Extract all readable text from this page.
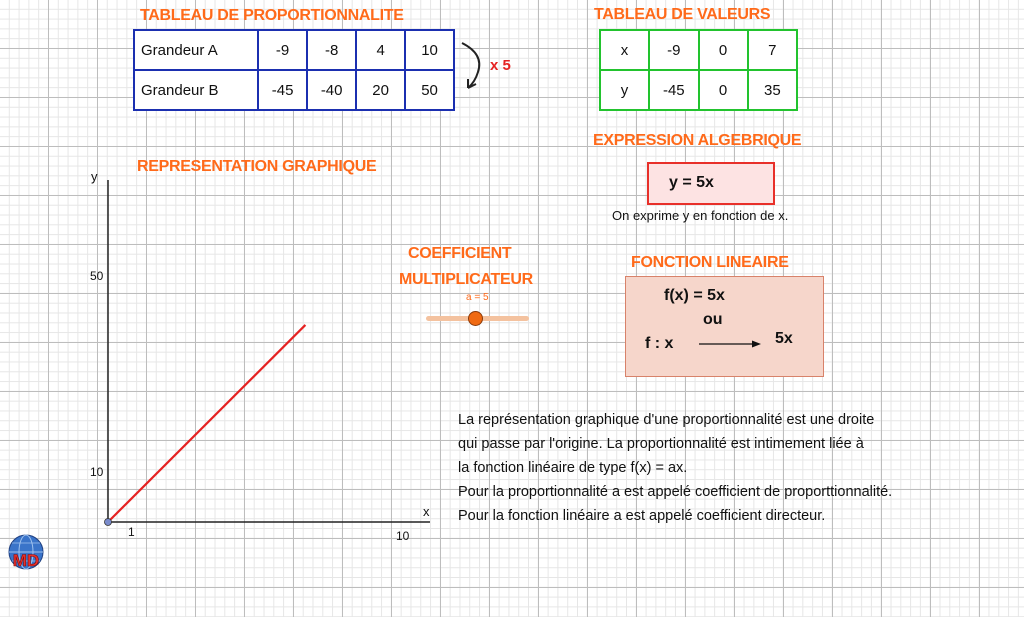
TABLEAU DE PROPORTIONNALITE	TABLEAU DE VALEURS
EXPRESSION ALGEBRIQUE
REPRESENTATION GRAPHIQUE
COEFFICIENT
MULTIPLICATEUR
FONCTION LINEAIRE
Grandeur A	-9	-8	4	10
Grandeur B	-45	-40	20	50
x 5
x	-9	0	7
y	-45	0	35
y = 5x
On exprime y en fonction de x.
f(x) = 5x
ou
f : x	5x
a = 5
y
x
50
10
1	10
La représentation graphique d'une proportionnalité est une droite
qui passe par l'origine. La proportionnalité est intimement liée à
la fonction linéaire de type f(x) = ax.
Pour la proportionnalité a est appelé coefficient de proporttionnalité.
Pour la fonction linéaire a est appelé coefficient directeur.
MD
